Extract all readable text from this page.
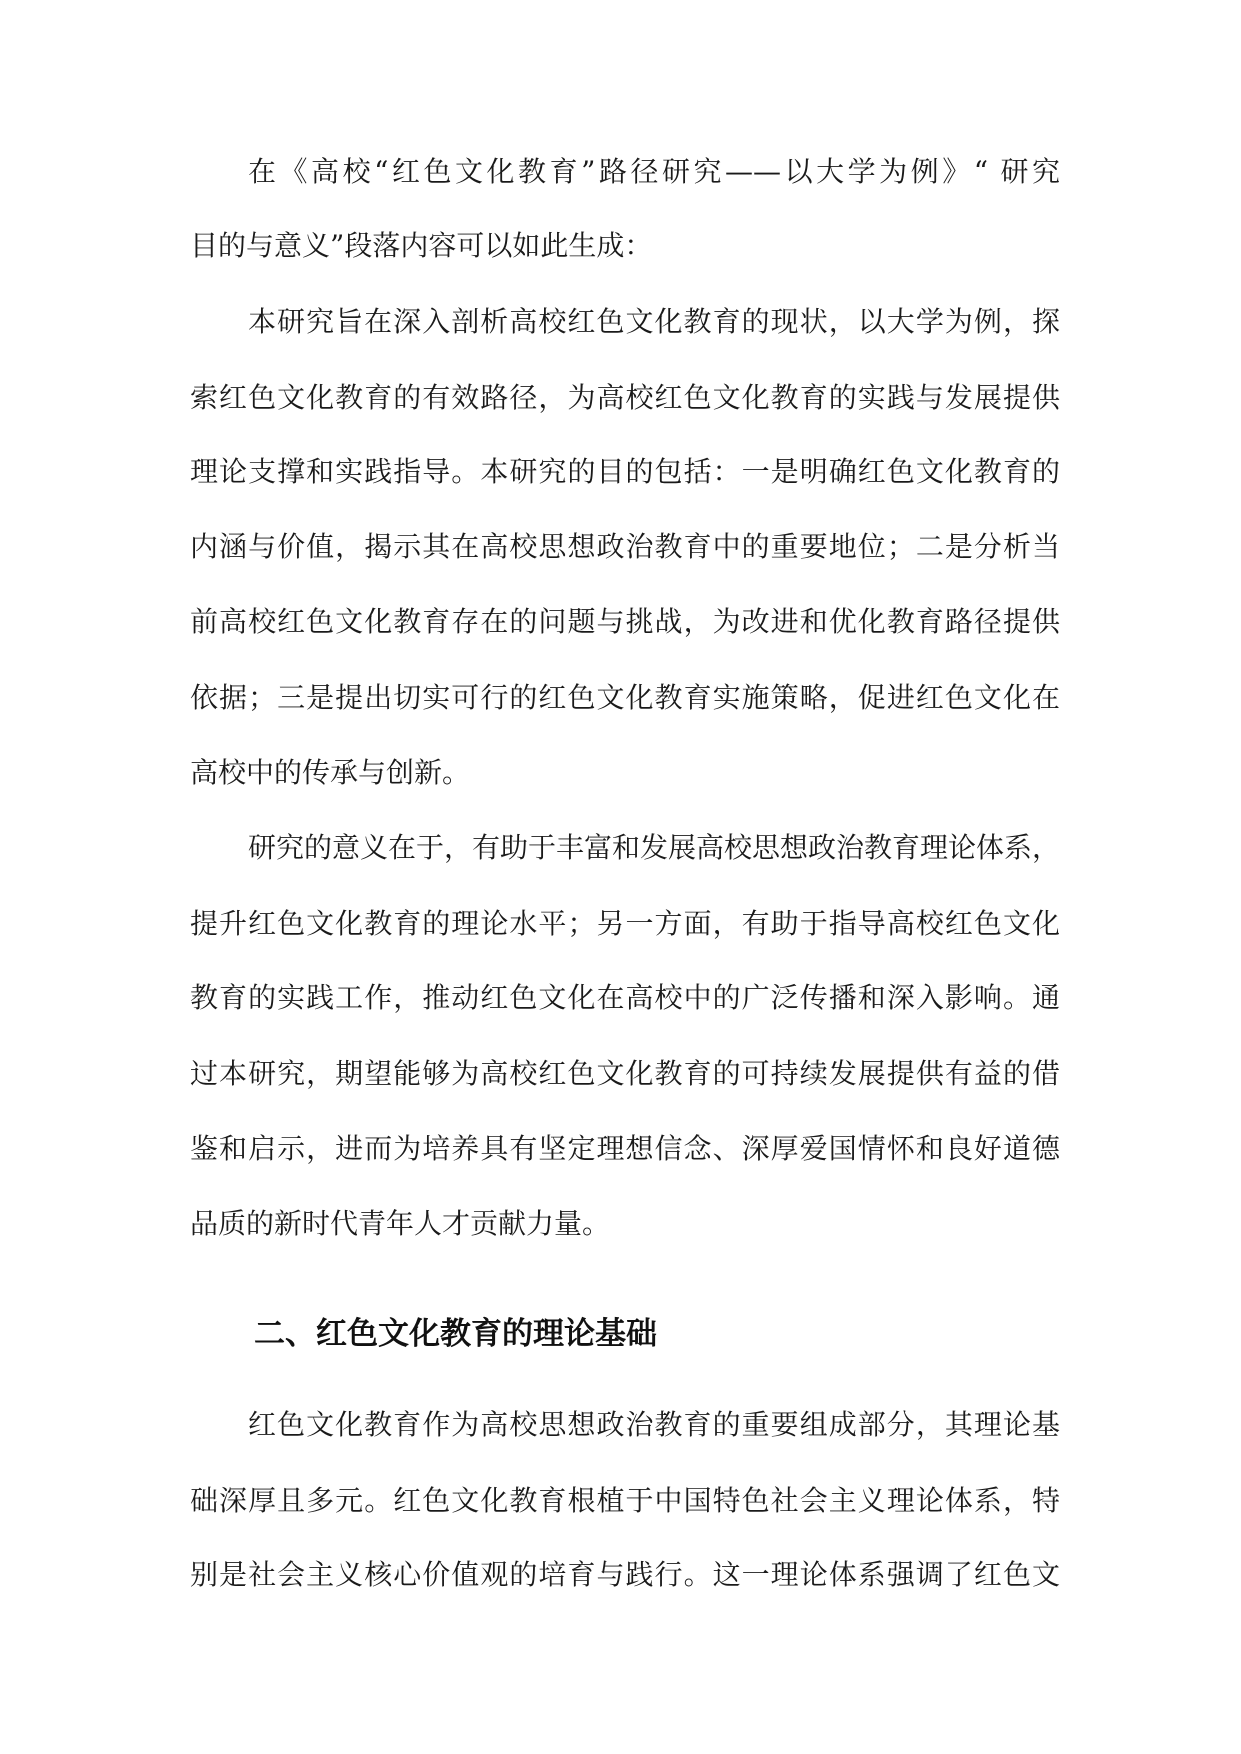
在《高校“红色文化教育”路径研究——以大学为例》“ 研究
目的与意义”段落内容可以如此生成：
本研究旨在深入剖析高校红色文化教育的现状，以大学为例，探
索红色文化教育的有效路径，为高校红色文化教育的实践与发展提供
理论支撑和实践指导。本研究的目的包括：一是明确红色文化教育的
内涵与价值，揭示其在高校思想政治教育中的重要地位；二是分析当
前高校红色文化教育存在的问题与挑战，为改进和优化教育路径提供
依据；三是提出切实可行的红色文化教育实施策略，促进红色文化在
高校中的传承与创新。
研究的意义在于，有助于丰富和发展高校思想政治教育理论体系，
提升红色文化教育的理论水平；另一方面，有助于指导高校红色文化
教育的实践工作，推动红色文化在高校中的广泛传播和深入影响。通
过本研究，期望能够为高校红色文化教育的可持续发展提供有益的借
鉴和启示，进而为培养具有坚定理想信念、深厚爱国情怀和良好道德
品质的新时代青年人才贡献力量。
二、红色文化教育的理论基础
红色文化教育作为高校思想政治教育的重要组成部分，其理论基
础深厚且多元。红色文化教育根植于中国特色社会主义理论体系，特
别是社会主义核心价值观的培育与践行。这一理论体系强调了红色文
